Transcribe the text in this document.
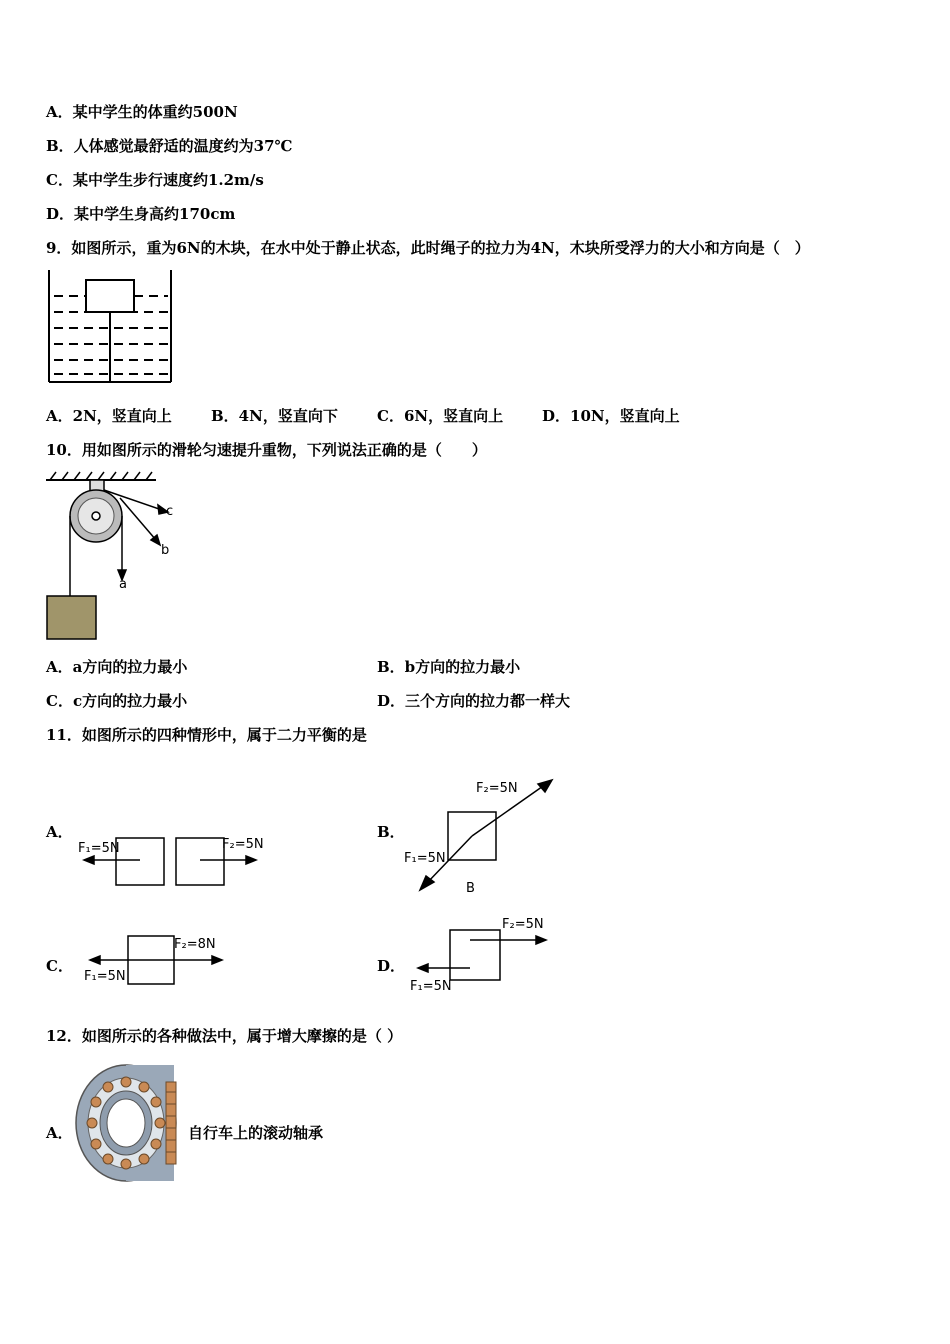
A．某中学生的体重约500N
B．人体感觉最舒适的温度约为37℃
C．某中学生步行速度约1.2m/s
D．某中学生身高约170cm
9．如图所示，重为6N的木块，在水中处于静止状态，此时绳子的拉力为4N，木块所受浮力的大小和方向是（　）
A．2N，竖直向上	B．4N，竖直向下	C．6N，竖直向上	D．10N，竖直向上
10．用如图所示的滑轮匀速提升重物，下列说法正确的是（　　）
c
b
a
A．a方向的拉力最小	B．b方向的拉力最小
C．c方向的拉力最小	D．三个方向的拉力都一样大
11．如图所示的四种情形中，属于二力平衡的是
A．
F₁=5N	F₂=5N
B．
F₂=5N
F₁=5N
B
C．
F₂=8N
F₁=5N
D．
F₂=5N
F₁=5N
12．如图所示的各种做法中，属于增大摩擦的是（ ）
A．	自行车上的滚动轴承
